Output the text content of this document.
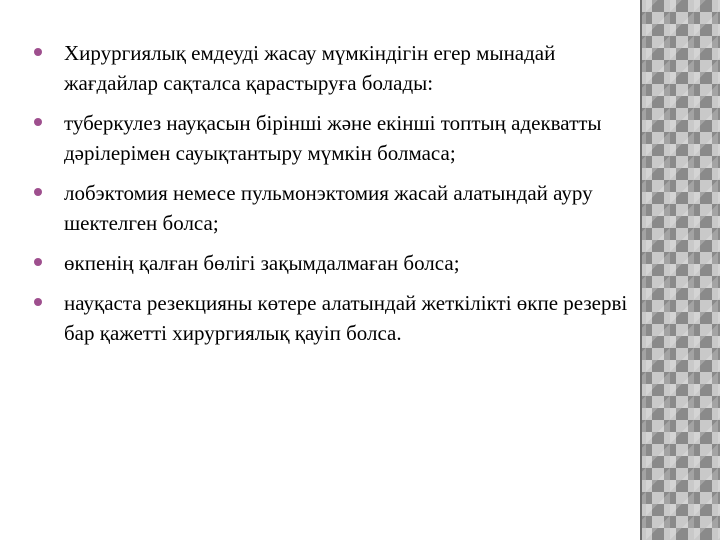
Хирургиялық емдеуді жасау мүмкіндігін егер мынадай жағдайлар сақталса қарастыруға болады:
туберкулез науқасын бірінші және екінші топтың адекватты дәрілерімен сауықтантыру мүмкін болмаса;
лобэктомия немесе пульмонэктомия жасай алатындай ауру шектелген болса;
өкпенің қалған бөлігі зақымдалмаған болса;
науқаста резекцияны көтере алатындай жеткілікті өкпе резерві бар қажетті хирургиялық қауіп болса.
